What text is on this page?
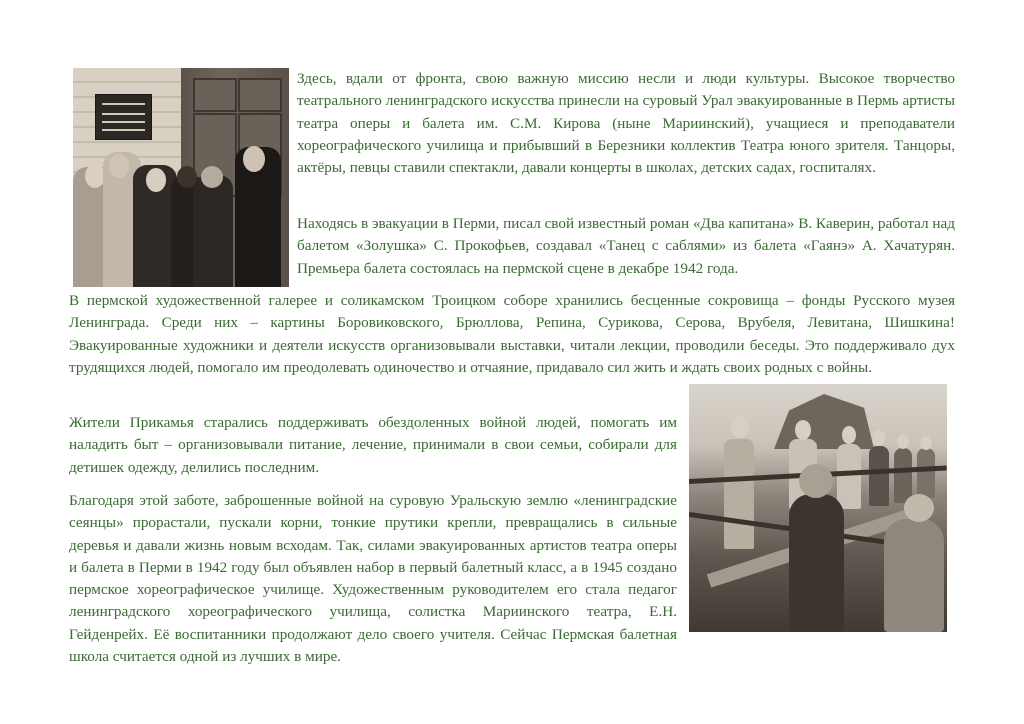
Здесь, вдали от фронта, свою важную миссию несли и люди культуры. Высокое творчество театрального ленинградского искусства принесли на суровый Урал эвакуированные в Пермь артисты театра оперы и балета им. С.М. Кирова (ныне Мариинский), учащиеся и преподаватели хореографического училища и прибывший в Березники коллектив Театра юного зрителя. Танцоры, актёры, певцы ставили спектакли, давали концерты в школах, детских садах, госпиталях.

Находясь в эвакуации в Перми, писал свой известный роман «Два капитана» В. Каверин, работал над балетом «Золушка» С. Прокофьев, создавал «Танец с саблями» из балета «Гаянэ» А. Хачатурян. Премьера балета состоялась на пермской сцене в декабре 1942 года.

В пермской художественной галерее и соликамском Троицком соборе хранились бесценные сокровища – фонды Русского музея Ленинграда. Среди них – картины Боровиковского, Брюллова, Репина, Сурикова, Серова, Врубеля, Левитана, Шишкина! Эвакуированные художники и деятели искусств организовывали выставки, читали лекции, проводили беседы. Это поддерживало дух трудящихся людей, помогало им преодолевать одиночество и отчаяние, придавало сил жить и ждать своих родных с войны.

Жители Прикамья старались поддерживать обездоленных войной людей, помогать им наладить быт – организовывали питание, лечение, принимали в свои семьи, собирали для детишек одежду, делились последним.

Благодаря этой заботе, заброшенные войной на суровую Уральскую землю «ленинградские сеянцы» прорастали, пускали корни, тонкие прутики крепли, превращались в сильные деревья и давали жизнь новым всходам. Так, силами эвакуированных артистов театра оперы и балета в Перми в 1942 году был объявлен набор в первый балетный класс, а в 1945 создано пермское хореографическое училище. Художественным руководителем его стала педагог ленинградского хореографического училища, солистка Мариинского театра, Е.Н. Гейденрейх. Её воспитанники продолжают дело своего учителя. Сейчас Пермская балетная школа считается одной из лучших в мире.
